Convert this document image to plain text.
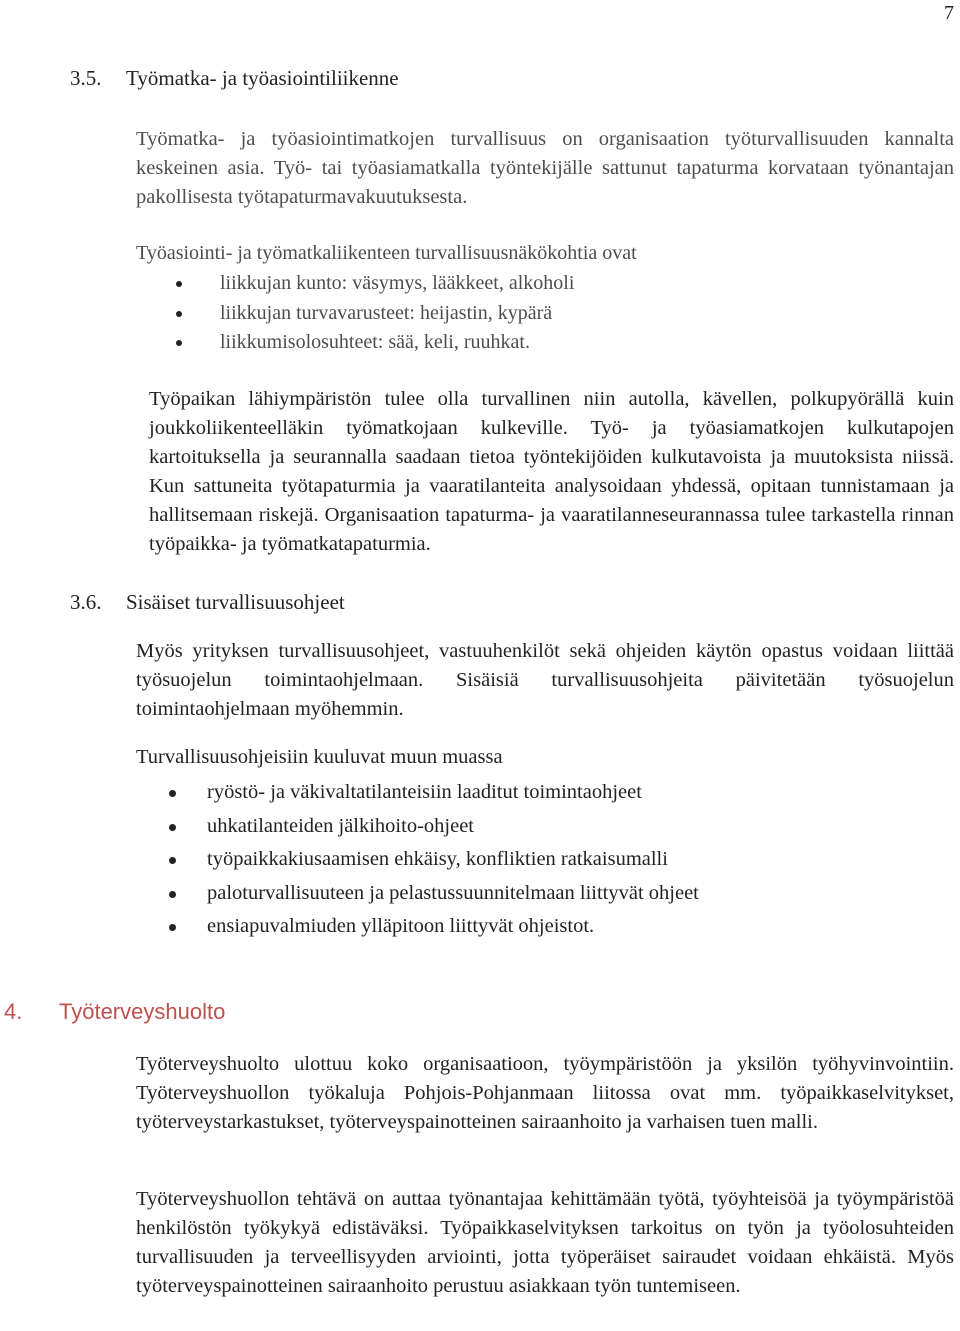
7
3.5. Työmatka- ja työasiointiliikenne

Työmatka- ja työasiointimatkojen turvallisuus on organisaation työturvallisuuden kannalta keskeinen asia. Työ- tai työasiamatkalla työntekijälle sattunut tapaturma korvataan työnantajan pakollisesta työtapaturmavakuutuksesta.

Työasiointi- ja työmatkaliikenteen turvallisuusnäkökohtia ovat

liikkujan kunto: väsymys, lääkkeet, alkoholi
liikkujan turvavarusteet: heijastin, kypärä
liikkumisolosuhteet: sää, keli, ruuhkat.

Työpaikan lähiympäristön tulee olla turvallinen niin autolla, kävellen, polkupyörällä kuin joukkoliikenteelläkin työmatkojaan kulkeville. Työ- ja työasiamatkojen kulkutapojen kartoituksella ja seurannalla saadaan tietoa työntekijöiden kulkutavoista ja muutoksista niissä. Kun sattuneita työtapaturmia ja vaaratilanteita analysoidaan yhdessä, opitaan tunnistamaan ja hallitsemaan riskejä. Organisaation tapaturma- ja vaaratilanneseurannassa tulee tarkastella rinnan työpaikka- ja työmatkatapaturmia.

3.6. Sisäiset turvallisuusohjeet

Myös yrityksen turvallisuusohjeet, vastuuhenkilöt sekä ohjeiden käytön opastus voidaan liittää työsuojelun toimintaohjelmaan. Sisäisiä turvallisuusohjeita päivitetään työsuojelun toimintaohjelmaan myöhemmin.

Turvallisuusohjeisiin kuuluvat muun muassa

ryöstö- ja väkivaltatilanteisiin laaditut toimintaohjeet
uhkatilanteiden jälkihoito-ohjeet
työpaikkakiusaamisen ehkäisy, konfliktien ratkaisumalli
paloturvallisuuteen ja pelastussuunnitelmaan liittyvät ohjeet
ensiapuvalmiuden ylläpitoon liittyvät ohjeistot.
4. Työterveyshuolto

Työterveyshuolto ulottuu koko organisaatioon, työympäristöön ja yksilön työhyvinvointiin. Työterveyshuollon työkaluja Pohjois-Pohjanmaan liitossa ovat mm. työpaikkaselvitykset, työterveystarkastukset, työterveyspainotteinen sairaanhoito ja varhaisen tuen malli.

Työterveyshuollon tehtävä on auttaa työnantajaa kehittämään työtä, työyhteisöä ja työympäristöä henkilöstön työkykyä edistäväksi. Työpaikkaselvityksen tarkoitus on työn ja työolosuhteiden turvallisuuden ja terveellisyyden arviointi, jotta työperäiset sairaudet voidaan ehkäistä. Myös työterveyspainotteinen sairaanhoito perustuu asiakkaan työn tuntemiseen.
